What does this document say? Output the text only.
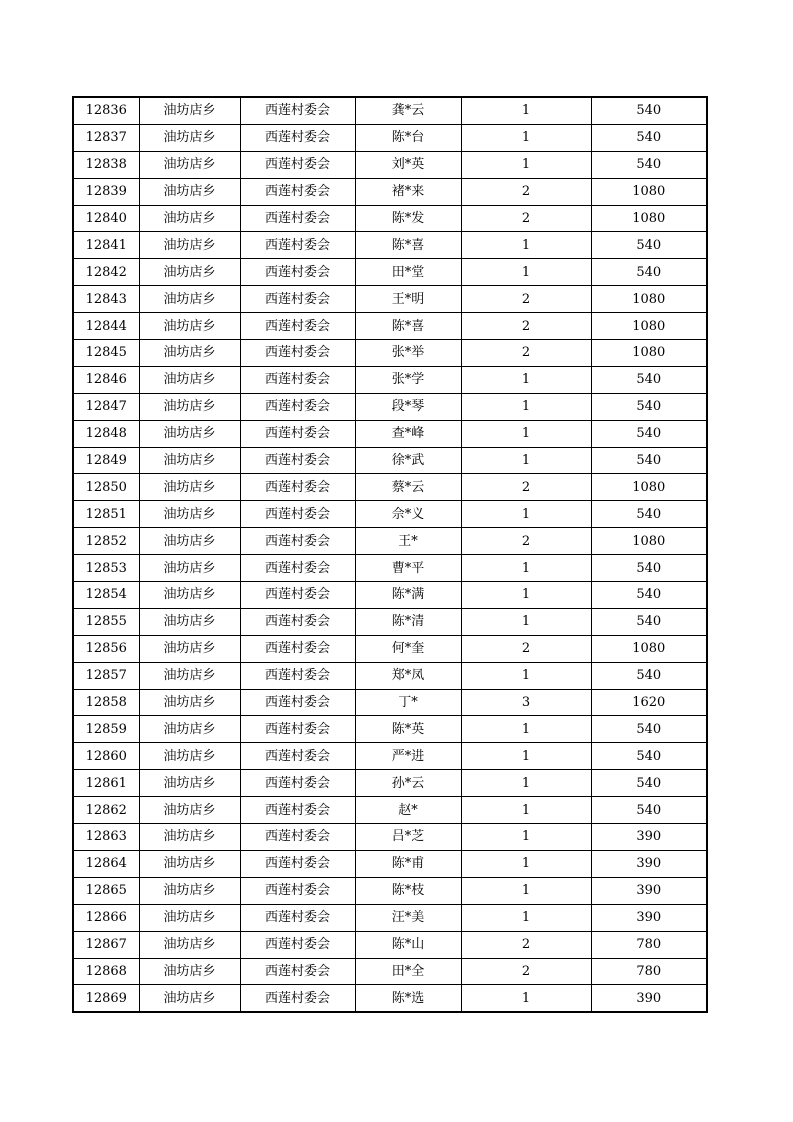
12836	油坊店乡	西莲村委会	龚*云	1	540
12837	油坊店乡	西莲村委会	陈*台	1	540
12838	油坊店乡	西莲村委会	刘*英	1	540
12839	油坊店乡	西莲村委会	褚*来	2	1080
12840	油坊店乡	西莲村委会	陈*发	2	1080
12841	油坊店乡	西莲村委会	陈*喜	1	540
12842	油坊店乡	西莲村委会	田*堂	1	540
12843	油坊店乡	西莲村委会	王*明	2	1080
12844	油坊店乡	西莲村委会	陈*喜	2	1080
12845	油坊店乡	西莲村委会	张*举	2	1080
12846	油坊店乡	西莲村委会	张*学	1	540
12847	油坊店乡	西莲村委会	段*琴	1	540
12848	油坊店乡	西莲村委会	查*峰	1	540
12849	油坊店乡	西莲村委会	徐*武	1	540
12850	油坊店乡	西莲村委会	蔡*云	2	1080
12851	油坊店乡	西莲村委会	佘*义	1	540
12852	油坊店乡	西莲村委会	王*	2	1080
12853	油坊店乡	西莲村委会	曹*平	1	540
12854	油坊店乡	西莲村委会	陈*满	1	540
12855	油坊店乡	西莲村委会	陈*清	1	540
12856	油坊店乡	西莲村委会	何*奎	2	1080
12857	油坊店乡	西莲村委会	郑*凤	1	540
12858	油坊店乡	西莲村委会	丁*	3	1620
12859	油坊店乡	西莲村委会	陈*英	1	540
12860	油坊店乡	西莲村委会	严*进	1	540
12861	油坊店乡	西莲村委会	孙*云	1	540
12862	油坊店乡	西莲村委会	赵*	1	540
12863	油坊店乡	西莲村委会	吕*芝	1	390
12864	油坊店乡	西莲村委会	陈*甫	1	390
12865	油坊店乡	西莲村委会	陈*枝	1	390
12866	油坊店乡	西莲村委会	汪*美	1	390
12867	油坊店乡	西莲村委会	陈*山	2	780
12868	油坊店乡	西莲村委会	田*全	2	780
12869	油坊店乡	西莲村委会	陈*选	1	390
